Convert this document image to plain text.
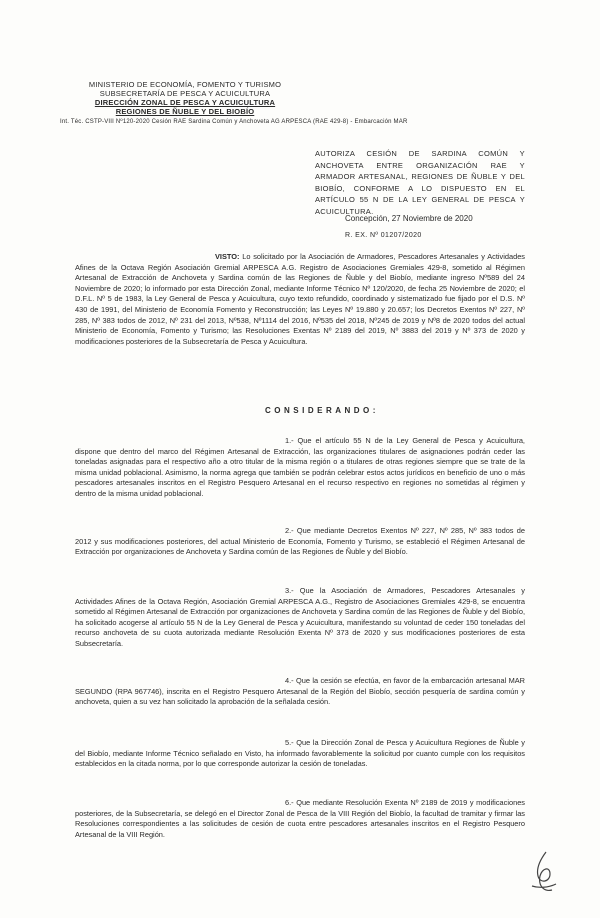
MINISTERIO DE ECONOMÍA, FOMENTO Y TURISMO
SUBSECRETARÍA DE PESCA Y ACUICULTURA
DIRECCIÓN ZONAL DE PESCA Y ACUICULTURA
REGIONES DE ÑUBLE Y DEL BIOBÍO
Int. Téc. CSTP-VIII Nº120-2020 Cesión RAE Sardina Común y Anchoveta AG ARPESCA (RAE 429-8) - Embarcación MAR
AUTORIZA CESIÓN DE SARDINA COMÚN Y ANCHOVETA ENTRE ORGANIZACIÓN RAE Y ARMADOR ARTESANAL, REGIONES DE ÑUBLE Y DEL BIOBÍO, CONFORME A LO DISPUESTO EN EL ARTÍCULO 55 N DE LA LEY GENERAL DE PESCA Y ACUICULTURA.
Concepción, 27 Noviembre de 2020
R. EX. Nº 01207/2020
VISTO: Lo solicitado por la Asociación de Armadores, Pescadores Artesanales y Actividades Afines de la Octava Región Asociación Gremial ARPESCA A.G. Registro de Asociaciones Gremiales 429-8, sometido al Régimen Artesanal de Extracción de Anchoveta y Sardina común de las Regiones de Ñuble y del Biobío, mediante ingreso Nº589 del 24 Noviembre de 2020; lo informado por esta Dirección Zonal, mediante Informe Técnico Nº 120/2020, de fecha 25 Noviembre de 2020; el D.F.L. Nº 5 de 1983, la Ley General de Pesca y Acuicultura, cuyo texto refundido, coordinado y sistematizado fue fijado por el D.S. Nº 430 de 1991, del Ministerio de Economía Fomento y Reconstrucción; las Leyes Nº 19.880 y 20.657; los Decretos Exentos Nº 227, Nº 285, Nº 383 todos de 2012, Nº 231 del 2013, Nº538, Nº1114 del 2016, Nº535 del 2018, Nº245 de 2019 y Nº8 de 2020 todos del actual Ministerio de Economía, Fomento y Turismo; las Resoluciones Exentas Nº 2189 del 2019, Nº 3883 del 2019 y Nº 373 de 2020 y modificaciones posteriores de la Subsecretaría de Pesca y Acuicultura.
CONSIDERANDO:
1.- Que el artículo 55 N de la Ley General de Pesca y Acuicultura, dispone que dentro del marco del Régimen Artesanal de Extracción, las organizaciones titulares de asignaciones podrán ceder las toneladas asignadas para el respectivo año a otro titular de la misma región o a titulares de otras regiones siempre que se trate de la misma unidad poblacional. Asimismo, la norma agrega que también se podrán celebrar estos actos jurídicos en beneficio de uno o más pescadores artesanales inscritos en el Registro Pesquero Artesanal en el recurso respectivo en regiones no sometidas al régimen y dentro de la misma unidad poblacional.
2.- Que mediante Decretos Exentos Nº 227, Nº 285, Nº 383 todos de 2012 y sus modificaciones posteriores, del actual Ministerio de Economía, Fomento y Turismo, se estableció el Régimen Artesanal de Extracción por organizaciones de Anchoveta y Sardina común de las Regiones de Ñuble y del Biobío.
3.- Que la Asociación de Armadores, Pescadores Artesanales y Actividades Afines de la Octava Región, Asociación Gremial ARPESCA A.G., Registro de Asociaciones Gremiales 429-8, se encuentra sometido al Régimen Artesanal de Extracción por organizaciones de Anchoveta y Sardina común de las Regiones de Ñuble y del Biobío, ha solicitado acogerse al artículo 55 N de la Ley General de Pesca y Acuicultura, manifestando su voluntad de ceder 150 toneladas del recurso anchoveta de su cuota autorizada mediante Resolución Exenta Nº 373 de 2020 y sus modificaciones posteriores de esta Subsecretaría.
4.- Que la cesión se efectúa, en favor de la embarcación artesanal MAR SEGUNDO (RPA 967746), inscrita en el Registro Pesquero Artesanal de la Región del Biobío, sección pesquería de sardina común y anchoveta, quien a su vez han solicitado la aprobación de la señalada cesión.
5.- Que la Dirección Zonal de Pesca y Acuicultura Regiones de Ñuble y del Biobío, mediante Informe Técnico señalado en Visto, ha informado favorablemente la solicitud por cuanto cumple con los requisitos establecidos en la citada norma, por lo que corresponde autorizar la cesión de toneladas.
6.- Que mediante Resolución Exenta Nº 2189 de 2019 y modificaciones posteriores, de la Subsecretaría, se delegó en el Director Zonal de Pesca de la VIII Región del Biobío, la facultad de tramitar y firmar las Resoluciones correspondientes a las solicitudes de cesión de cuota entre pescadores artesanales inscritos en el Registro Pesquero Artesanal de la VIII Región.
